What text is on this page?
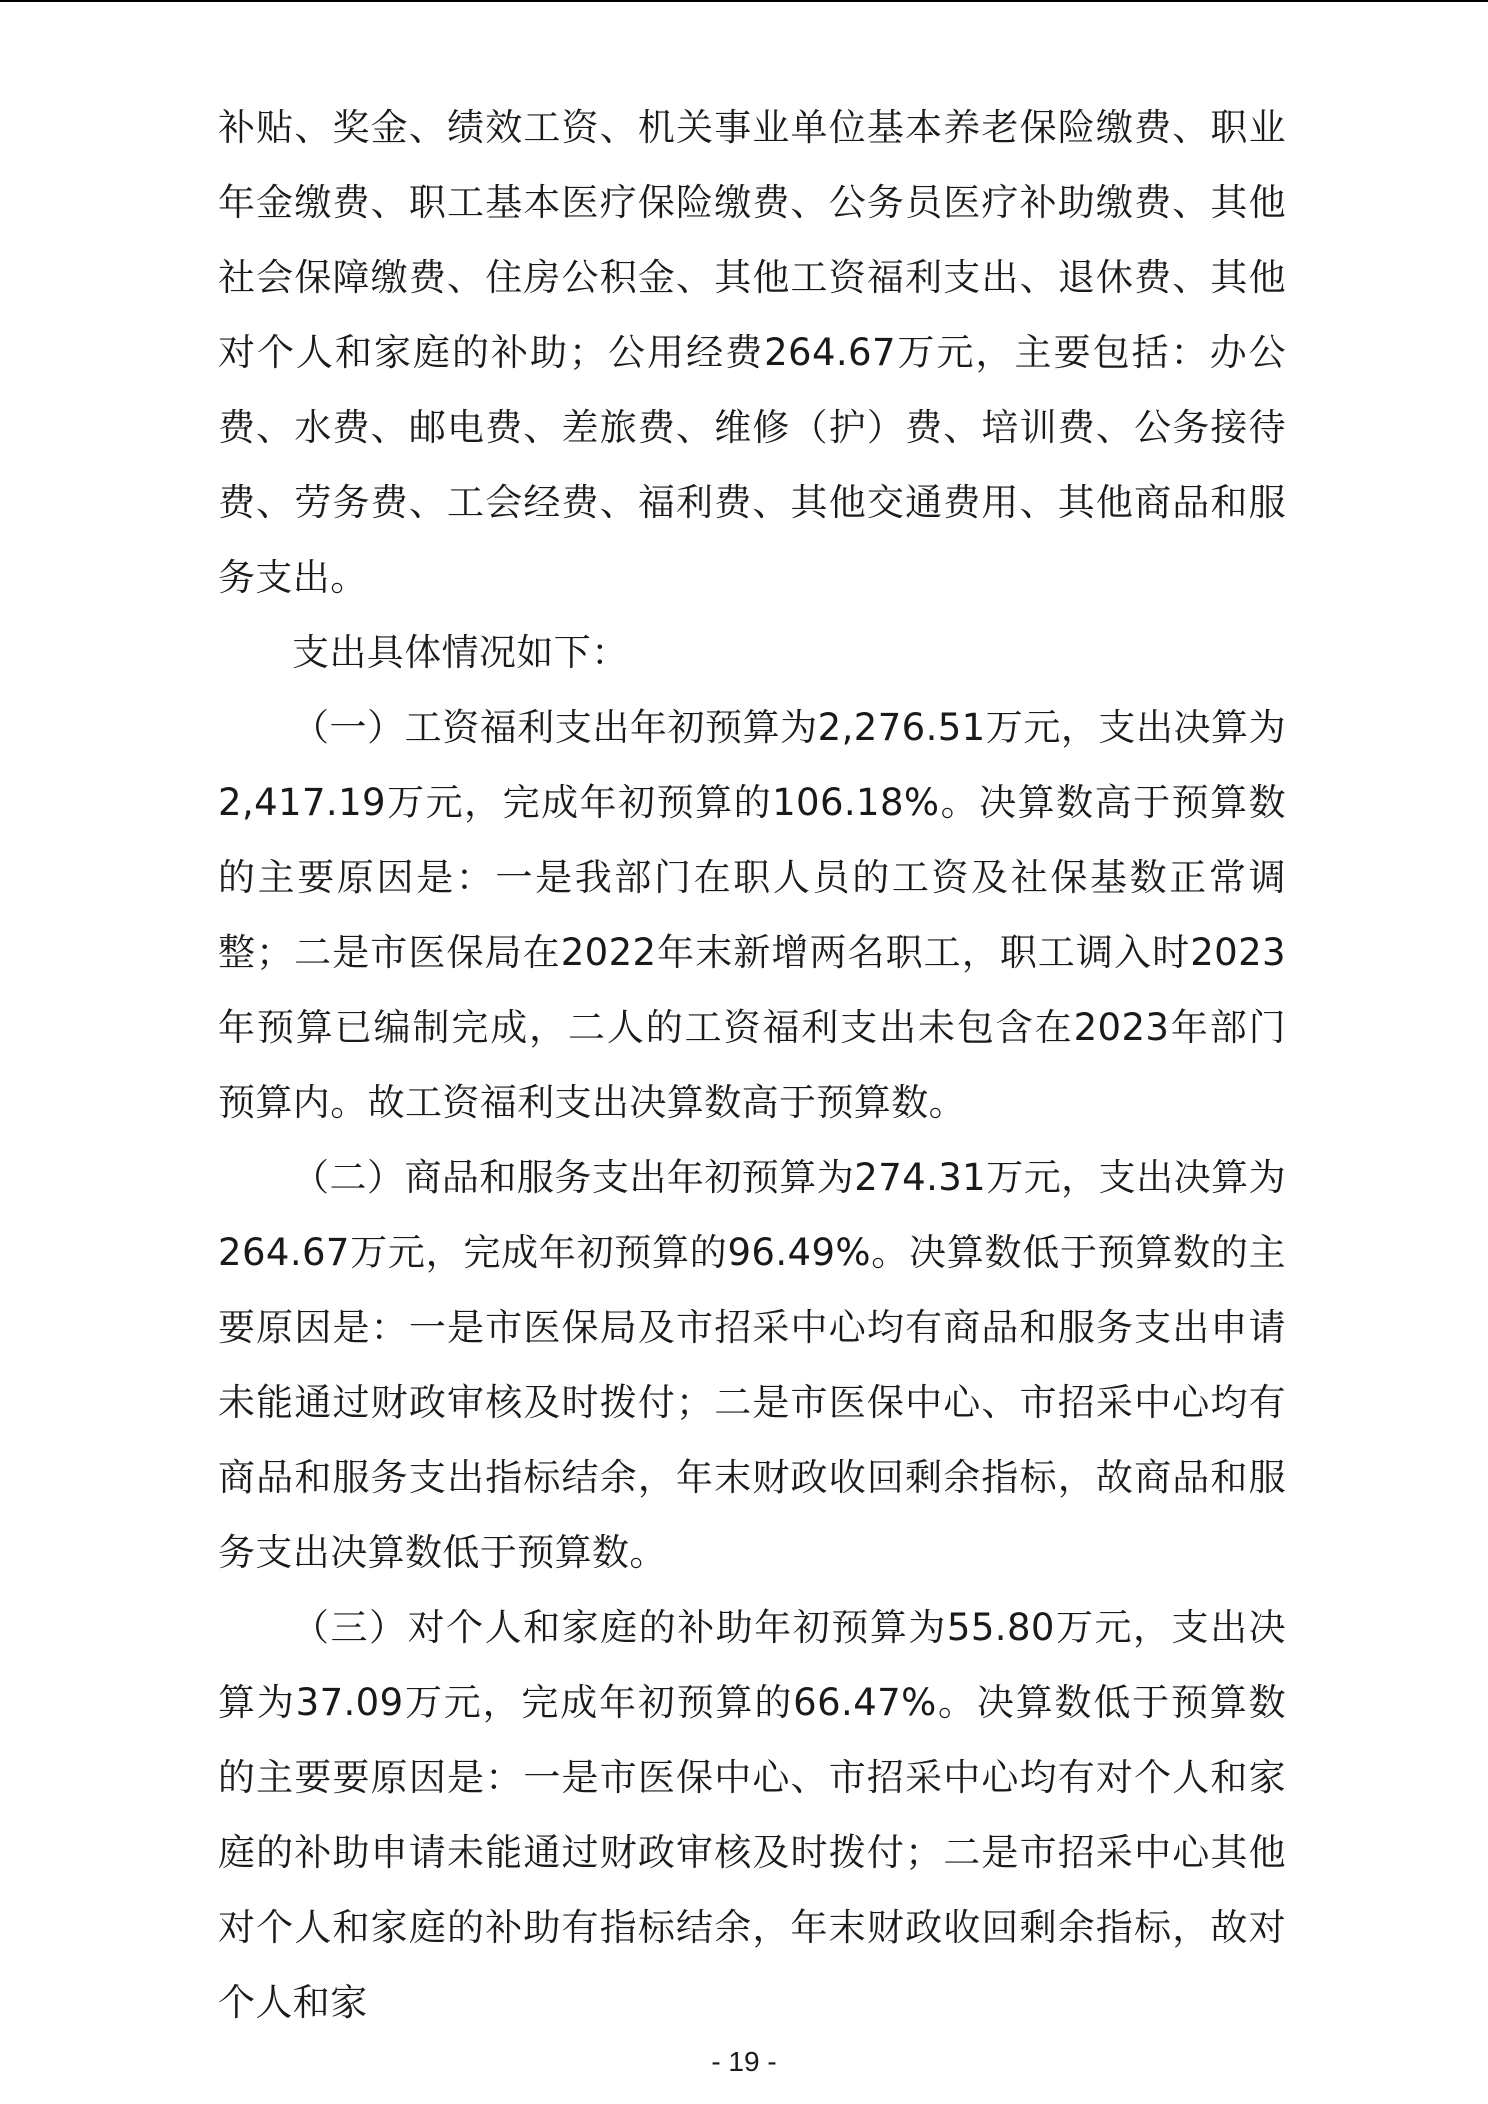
补贴、奖金、绩效工资、机关事业单位基本养老保险缴费、职业年金缴费、职工基本医疗保险缴费、公务员医疗补助缴费、其他社会保障缴费、住房公积金、其他工资福利支出、退休费、其他对个人和家庭的补助；公用经费264.67万元，主要包括：办公费、水费、邮电费、差旅费、维修（护）费、培训费、公务接待费、劳务费、工会经费、福利费、其他交通费用、其他商品和服务支出。

支出具体情况如下：

（一）工资福利支出年初预算为2,276.51万元，支出决算为2,417.19万元，完成年初预算的106.18%。决算数高于预算数的主要原因是：一是我部门在职人员的工资及社保基数正常调整；二是市医保局在2022年末新增两名职工，职工调入时2023年预算已编制完成，二人的工资福利支出未包含在2023年部门预算内。故工资福利支出决算数高于预算数。

（二）商品和服务支出年初预算为274.31万元，支出决算为264.67万元，完成年初预算的96.49%。决算数低于预算数的主要原因是：一是市医保局及市招采中心均有商品和服务支出申请未能通过财政审核及时拨付；二是市医保中心、市招采中心均有商品和服务支出指标结余，年末财政收回剩余指标，故商品和服务支出决算数低于预算数。

（三）对个人和家庭的补助年初预算为55.80万元，支出决算为37.09万元，完成年初预算的66.47%。决算数低于预算数的主要要原因是：一是市医保中心、市招采中心均有对个人和家庭的补助申请未能通过财政审核及时拨付；二是市招采中心其他对个人和家庭的补助有指标结余，年末财政收回剩余指标，故对个人和家

- 19 -
